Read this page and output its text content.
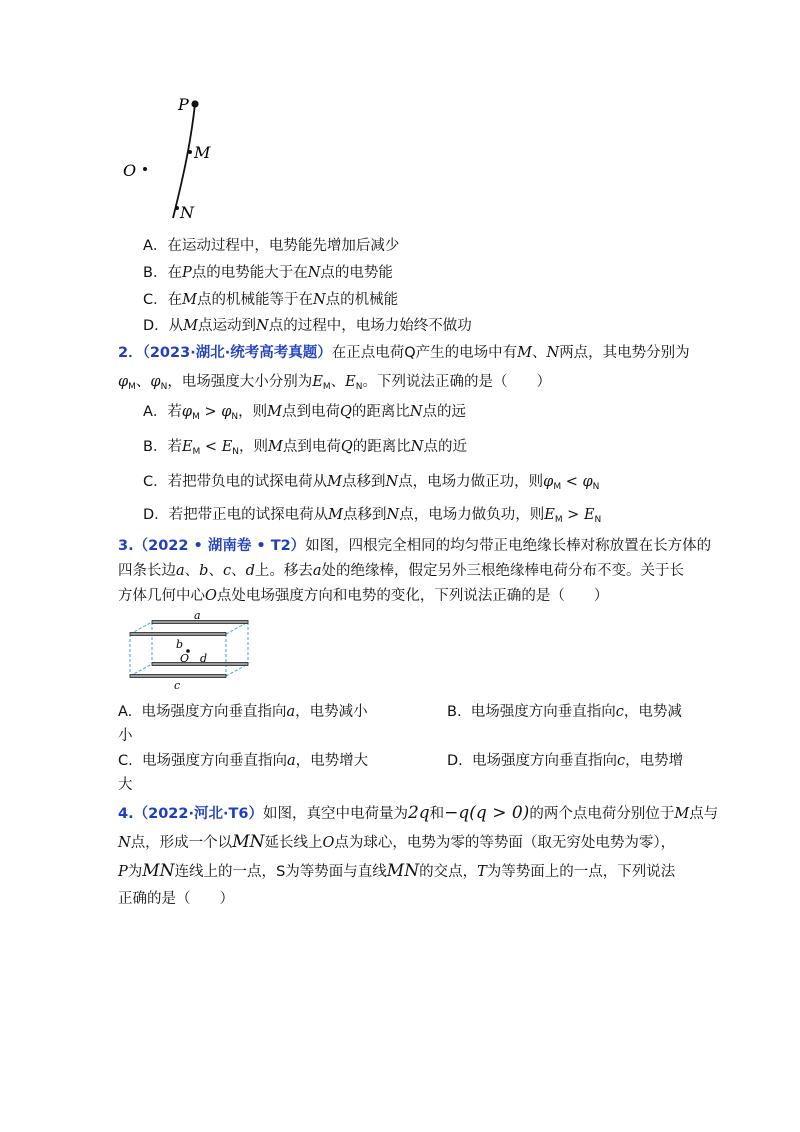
P
M
N
O
A．在运动过程中，电势能先增加后减少
B．在P点的电势能大于在N点的电势能
C．在M点的机械能等于在N点的机械能
D．从M点运动到N点的过程中，电场力始终不做功
2．（2023·湖北·统考高考真题）在正点电荷Q产生的电场中有M、N两点，其电势分别为
$\varphi_M$、$\varphi_N$，电场强度大小分别为$E_M$、$E_N$。下列说法正确的是（　　）
A．若$\varphi_M > \varphi_N$，则M点到电荷Q的距离比N点的远
B．若$E_M < E_N$，则M点到电荷Q的距离比N点的近
C．若把带负电的试探电荷从M点移到N点，电场力做正功，则$\varphi_M < \varphi_N$
D．若把带正电的试探电荷从M点移到N点，电场力做负功，则$E_M > E_N$
3.（2022 • 湖南卷 • T2）如图，四根完全相同的均匀带正电绝缘长棒对称放置在长方体的
四条长边a、b、c、d上。移去a处的绝缘棒，假定另外三根绝缘棒电荷分布不变。关于长
方体几何中心O点处电场强度方向和电势的变化，下列说法正确的是（　　）
a
b
O d
c
A. 电场强度方向垂直指向a，电势减小	B. 电场强度方向垂直指向c，电势减
小
C. 电场强度方向垂直指向a，电势增大	D. 电场强度方向垂直指向c，电势增
大
4.（2022·河北·T6）如图，真空中电荷量为2q和−q(q > 0)的两个点电荷分别位于M点与
N点，形成一个以MN延长线上O点为球心，电势为零的等势面（取无穷处电势为零），
P为MN连线上的一点，S为等势面与直线MN的交点，T为等势面上的一点，下列说法
正确的是（　　）
